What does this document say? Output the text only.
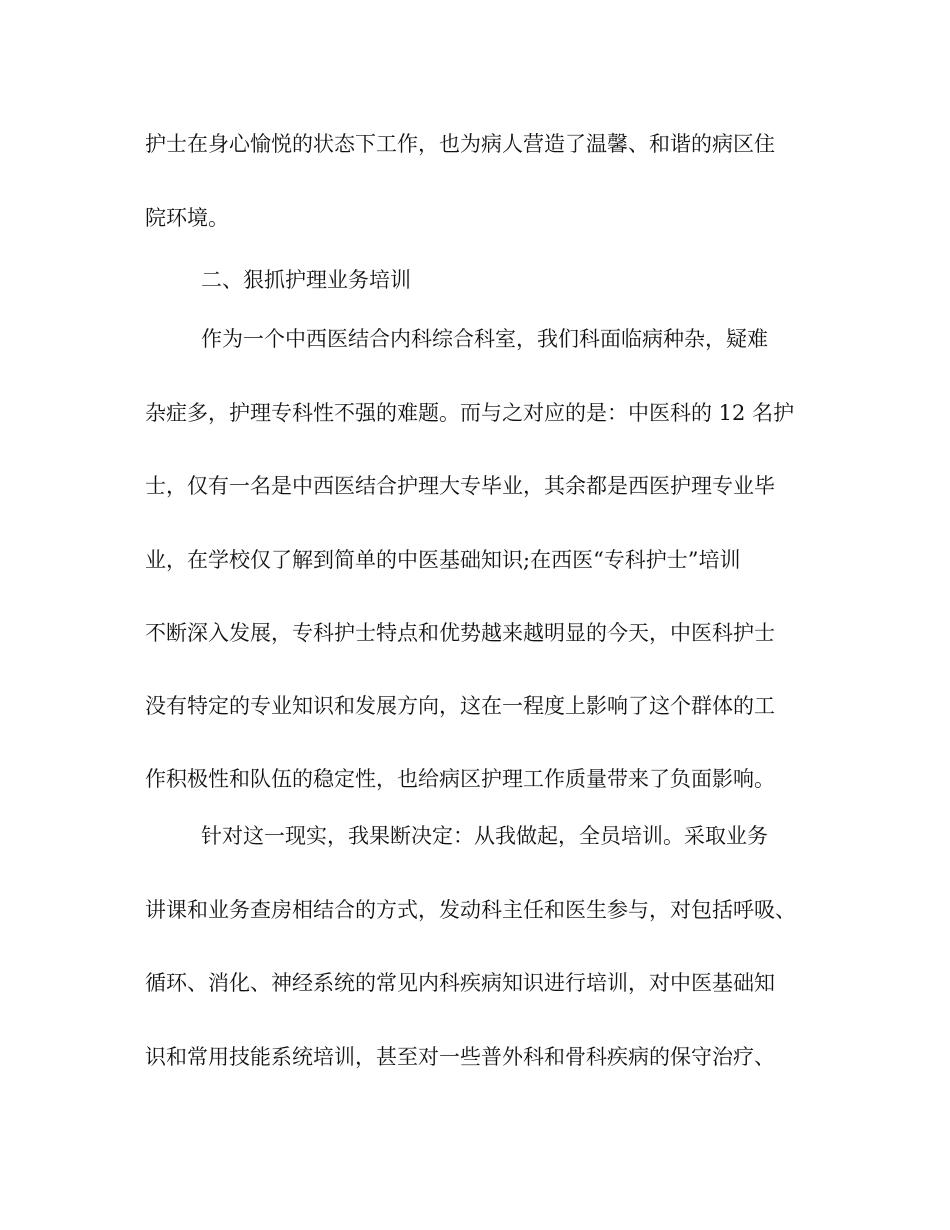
护士在身心愉悦的状态下工作，也为病人营造了温馨、和谐的病区住

院环境。

二、狠抓护理业务培训

作为一个中西医结合内科综合科室，我们科面临病种杂，疑难

杂症多，护理专科性不强的难题。而与之对应的是：中医科的 12 名护

士，仅有一名是中西医结合护理大专毕业，其余都是西医护理专业毕

业，在学校仅了解到简单的中医基础知识;在西医“专科护士”培训

不断深入发展，专科护士特点和优势越来越明显的今天，中医科护士

没有特定的专业知识和发展方向，这在一程度上影响了这个群体的工

作积极性和队伍的稳定性，也给病区护理工作质量带来了负面影响。

针对这一现实，我果断决定：从我做起，全员培训。采取业务

讲课和业务查房相结合的方式，发动科主任和医生参与，对包括呼吸、

循环、消化、神经系统的常见内科疾病知识进行培训，对中医基础知

识和常用技能系统培训，甚至对一些普外科和骨科疾病的保守治疗、
